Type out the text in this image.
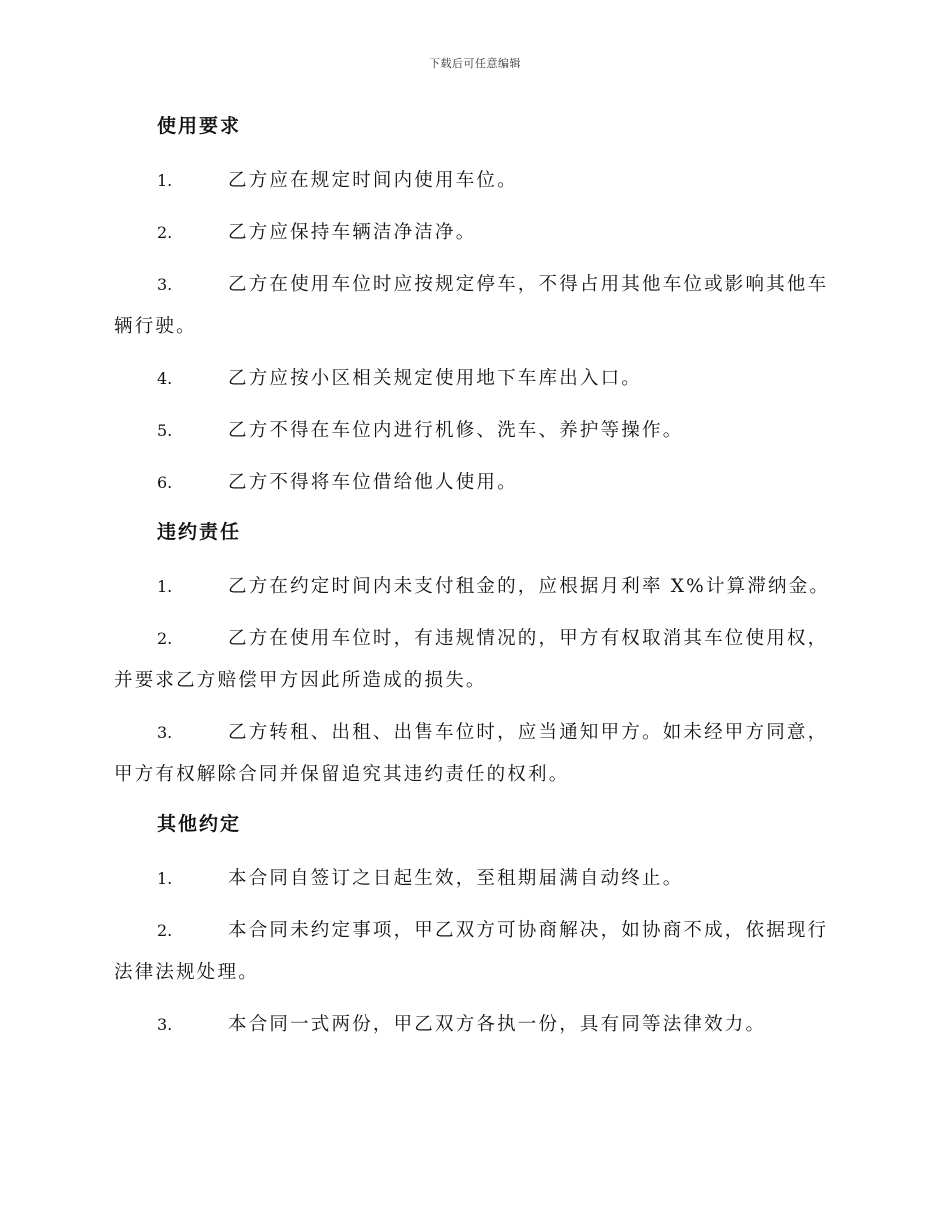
下载后可任意编辑
使用要求
1.	乙方应在规定时间内使用车位。
2.	乙方应保持车辆洁净洁净。
3.	乙方在使用车位时应按规定停车，不得占用其他车位或影响其他车辆行驶。
4.	乙方应按小区相关规定使用地下车库出入口。
5.	乙方不得在车位内进行机修、洗车、养护等操作。
6.	乙方不得将车位借给他人使用。
违约责任
1.	乙方在约定时间内未支付租金的，应根据月利率 X%计算滞纳金。
2.	乙方在使用车位时，有违规情况的，甲方有权取消其车位使用权，并要求乙方赔偿甲方因此所造成的损失。
3.	乙方转租、出租、出售车位时，应当通知甲方。如未经甲方同意，甲方有权解除合同并保留追究其违约责任的权利。
其他约定
1.	本合同自签订之日起生效，至租期届满自动终止。
2.	本合同未约定事项，甲乙双方可协商解决，如协商不成，依据现行法律法规处理。
3.	本合同一式两份，甲乙双方各执一份，具有同等法律效力。
